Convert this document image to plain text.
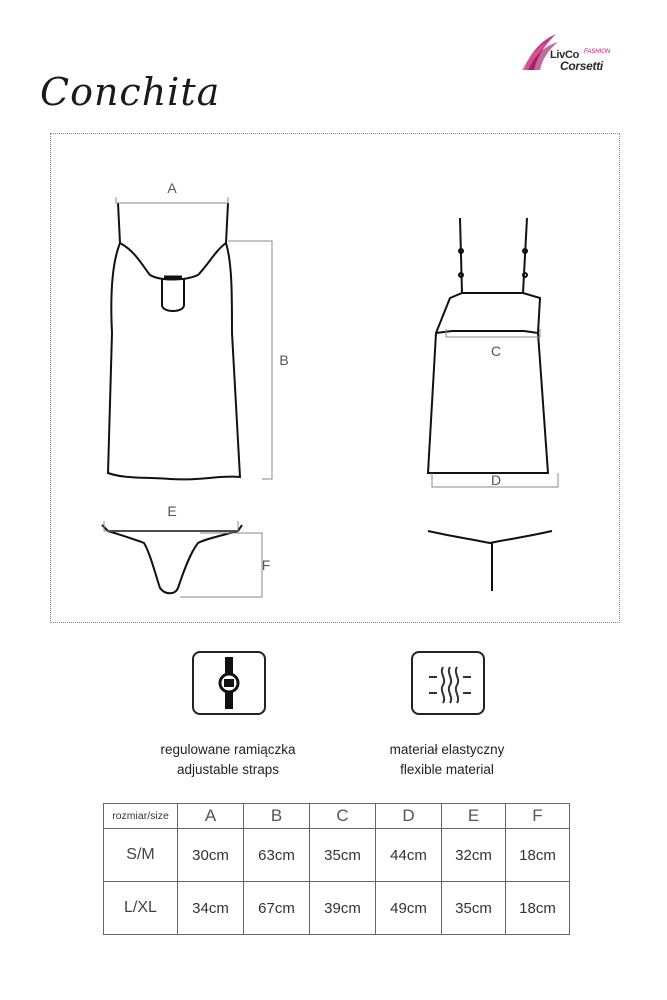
LivCo FASHION
Corsetti
Conchita
A
B
C
D
E
F
regulowane ramiączka
adjustable straps
materiał elastyczny
flexible material
rozmiar/size	A	B	C	D	E	F
S/M	30cm	63cm	35cm	44cm	32cm	18cm
L/XL	34cm	67cm	39cm	49cm	35cm	18cm
